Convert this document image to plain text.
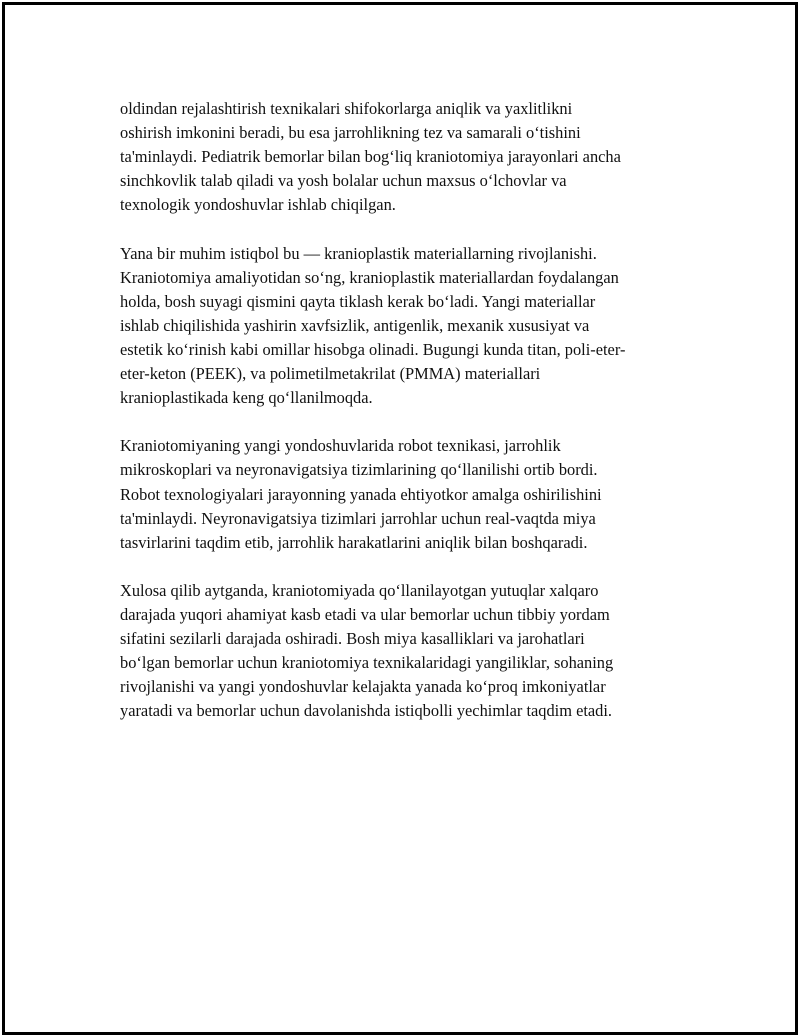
oldindan rejalashtirish texnikalari shifokorlarga aniqlik va yaxlitlikni
oshirish imkonini beradi, bu esa jarrohlikning tez va samarali o‘tishini
ta'minlaydi. Pediatrik bemorlar bilan bog‘liq kraniotomiya jarayonlari ancha
sinchkovlik talab qiladi va yosh bolalar uchun maxsus o‘lchovlar va
texnologik yondoshuvlar ishlab chiqilgan.

Yana bir muhim istiqbol bu — kranioplastik materiallarning rivojlanishi.
Kraniotomiya amaliyotidan so‘ng, kranioplastik materiallardan foydalangan
holda, bosh suyagi qismini qayta tiklash kerak bo‘ladi. Yangi materiallar
ishlab chiqilishida yashirin xavfsizlik, antigenlik, mexanik xususiyat va
estetik ko‘rinish kabi omillar hisobga olinadi. Bugungi kunda titan, poli-eter-
eter-keton (PEEK), va polimetilmetakrilat (PMMA) materiallari
kranioplastikada keng qo‘llanilmoqda.

Kraniotomiyaning yangi yondoshuvlarida robot texnikasi, jarrohlik
mikroskoplari va neyronavigatsiya tizimlarining qo‘llanilishi ortib bordi.
Robot texnologiyalari jarayonning yanada ehtiyotkor amalga oshirilishini
ta'minlaydi. Neyronavigatsiya tizimlari jarrohlar uchun real-vaqtda miya
tasvirlarini taqdim etib, jarrohlik harakatlarini aniqlik bilan boshqaradi.

Xulosa qilib aytganda, kraniotomiyada qo‘llanilayotgan yutuqlar xalqaro
darajada yuqori ahamiyat kasb etadi va ular bemorlar uchun tibbiy yordam
sifatini sezilarli darajada oshiradi. Bosh miya kasalliklari va jarohatlari
bo‘lgan bemorlar uchun kraniotomiya texnikalaridagi yangiliklar, sohaning
rivojlanishi va yangi yondoshuvlar kelajakta yanada ko‘proq imkoniyatlar
yaratadi va bemorlar uchun davolanishda istiqbolli yechimlar taqdim etadi.
